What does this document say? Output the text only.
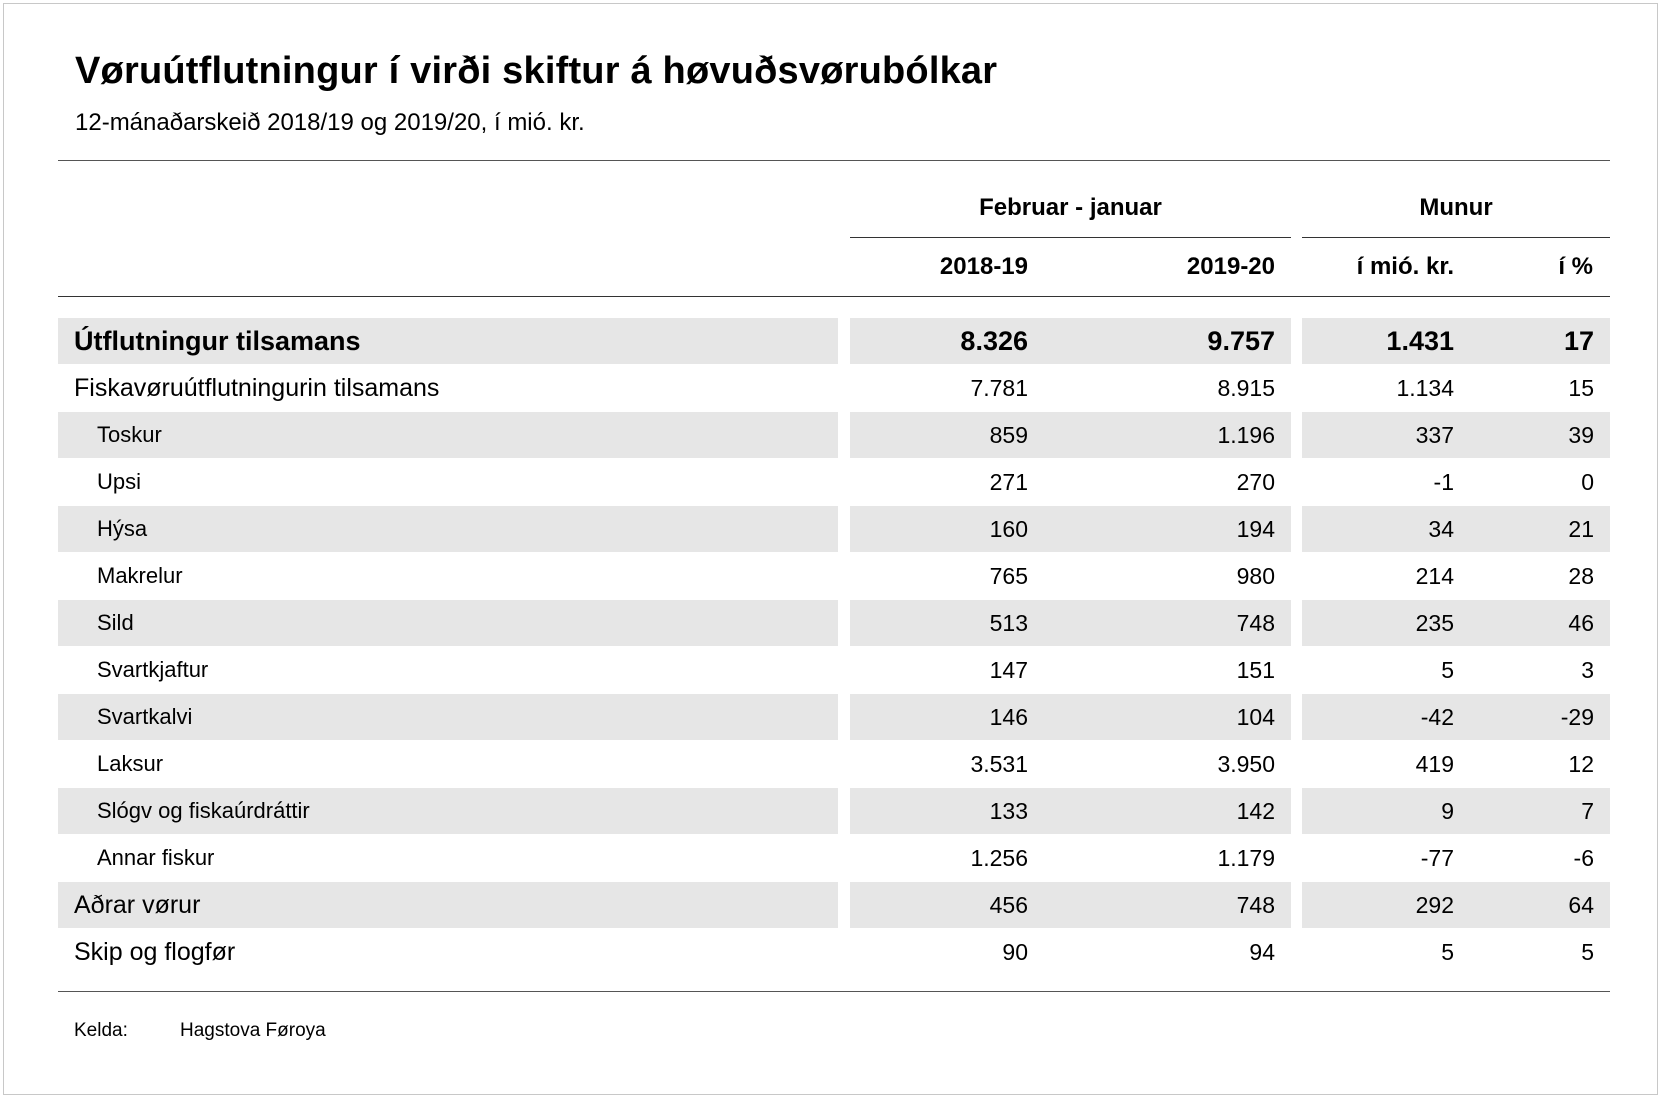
Vøruútflutningur í virði skiftur á høvuðsvørubólkar

12-mánaðarskeið 2018/19 og 2019/20, í mió. kr.

Februar - januar	Munur
2018-19	2019-20	í mió. kr.	í %
Útflutningur tilsamans	8.326	9.757	1.431	17
Fiskavøruútflutningurin tilsamans	7.781	8.915	1.134	15
Toskur	859	1.196	337	39
Upsi	271	270	-1	0
Hýsa	160	194	34	21
Makrelur	765	980	214	28
Sild	513	748	235	46
Svartkjaftur	147	151	5	3
Svartkalvi	146	104	-42	-29
Laksur	3.531	3.950	419	12
Slógv og fiskaúrdráttir	133	142	9	7
Annar fiskur	1.256	1.179	-77	-6
Aðrar vørur	456	748	292	64
Skip og flogfør	90	94	5	5
Kelda:	Hagstova Føroya
